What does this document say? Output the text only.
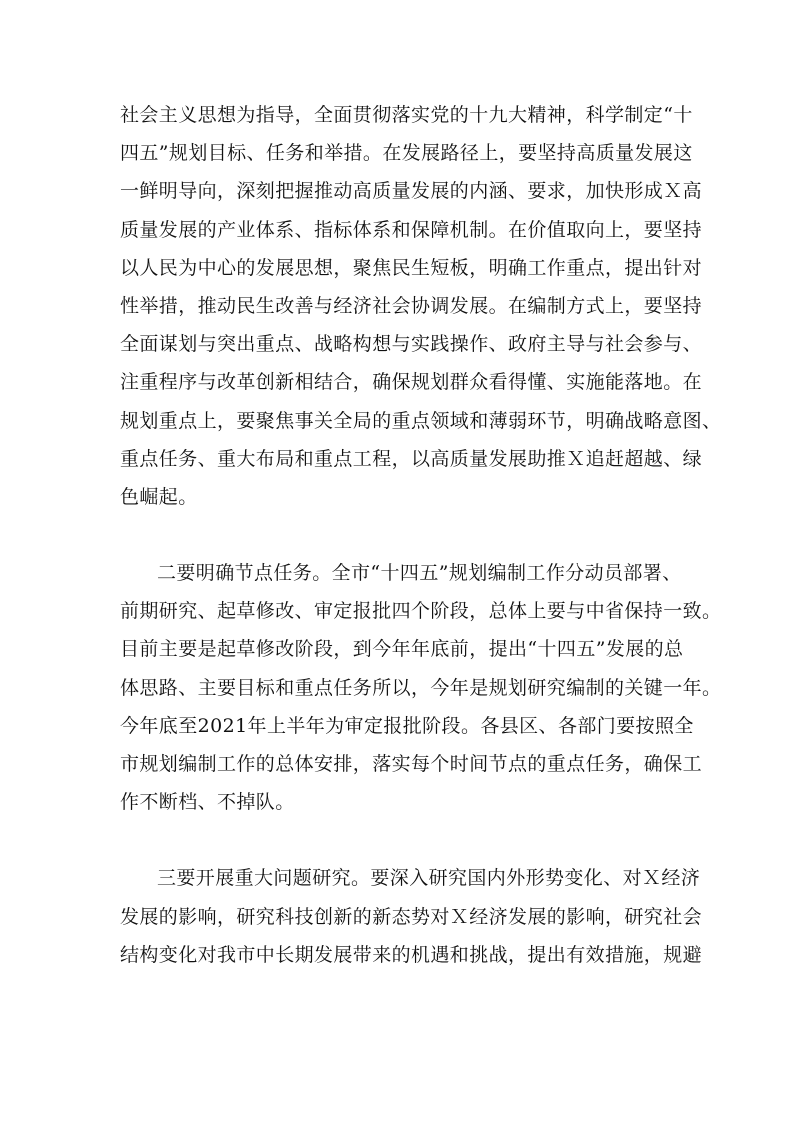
社会主义思想为指导，全面贯彻落实党的十九大精神，科学制定“十
四五”规划目标、任务和举措。在发展路径上，要坚持高质量发展这
一鲜明导向，深刻把握推动高质量发展的内涵、要求，加快形成Ｘ高
质量发展的产业体系、指标体系和保障机制。在价值取向上，要坚持
以人民为中心的发展思想，聚焦民生短板，明确工作重点，提出针对
性举措，推动民生改善与经济社会协调发展。在编制方式上，要坚持
全面谋划与突出重点、战略构想与实践操作、政府主导与社会参与、
注重程序与改革创新相结合，确保规划群众看得懂、实施能落地。在
规划重点上，要聚焦事关全局的重点领域和薄弱环节，明确战略意图、
重点任务、重大布局和重点工程，以高质量发展助推Ｘ追赶超越、绿
色崛起。

二要明确节点任务。全市“十四五”规划编制工作分动员部署、
前期研究、起草修改、审定报批四个阶段，总体上要与中省保持一致。
目前主要是起草修改阶段，到今年年底前，提出“十四五”发展的总
体思路、主要目标和重点任务所以，今年是规划研究编制的关键一年。
今年底至2021年上半年为审定报批阶段。各县区、各部门要按照全
市规划编制工作的总体安排，落实每个时间节点的重点任务，确保工
作不断档、不掉队。

三要开展重大问题研究。要深入研究国内外形势变化、对Ｘ经济
发展的影响，研究科技创新的新态势对Ｘ经济发展的影响，研究社会
结构变化对我市中长期发展带来的机遇和挑战，提出有效措施，规避
